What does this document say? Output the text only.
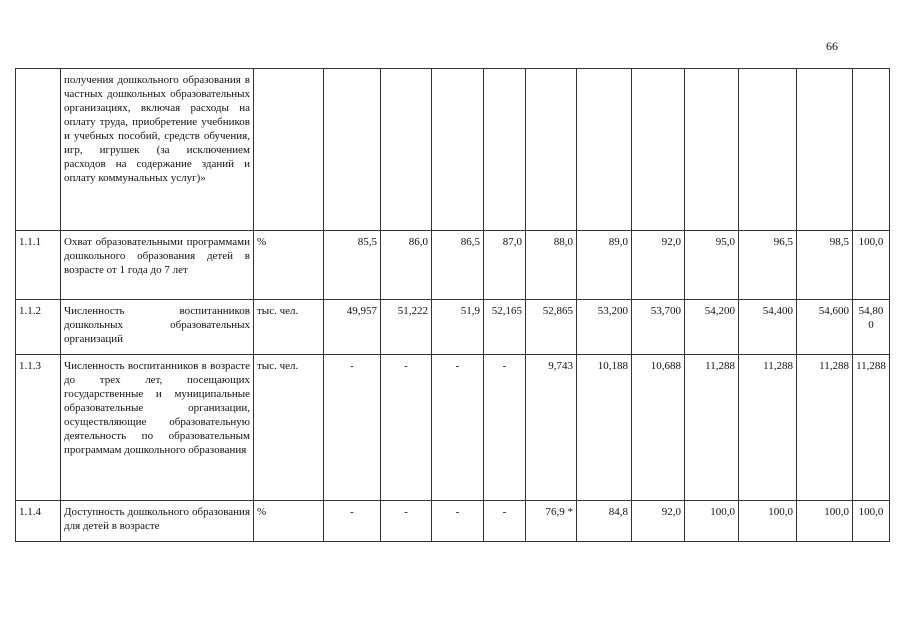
66
	получения дошкольного образования в частных дошкольных образовательных организациях, включая расходы на оплату труда, приобретение учебников и учебных пособий, средств обучения, игр, игрушек (за исключением расходов на содержание зданий и оплату коммунальных услуг)»												
1.1.1	Охват образовательными программами дошкольного образования детей в возрасте от 1 года до 7 лет	%	85,5	86,0	86,5	87,0	88,0	89,0	92,0	95,0	96,5	98,5	100,0
1.1.2	Численность воспитанников дошкольных образовательных организаций	тыс. чел.	49,957	51,222	51,9	52,165	52,865	53,200	53,700	54,200	54,400	54,600	54,800
1.1.3	Численность воспитанников в возрасте до трех лет, посещающих государственные и муниципальные образовательные организации, осуществляющие образовательную деятельность по образовательным программам дошкольного образования	тыс. чел.	-	-	-	-	9,743	10,188	10,688	11,288	11,288	11,288	11,288
1.1.4	Доступность дошкольного образования для детей в возрасте	%	-	-	-	-	76,9 *	84,8	92,0	100,0	100,0	100,0	100,0
